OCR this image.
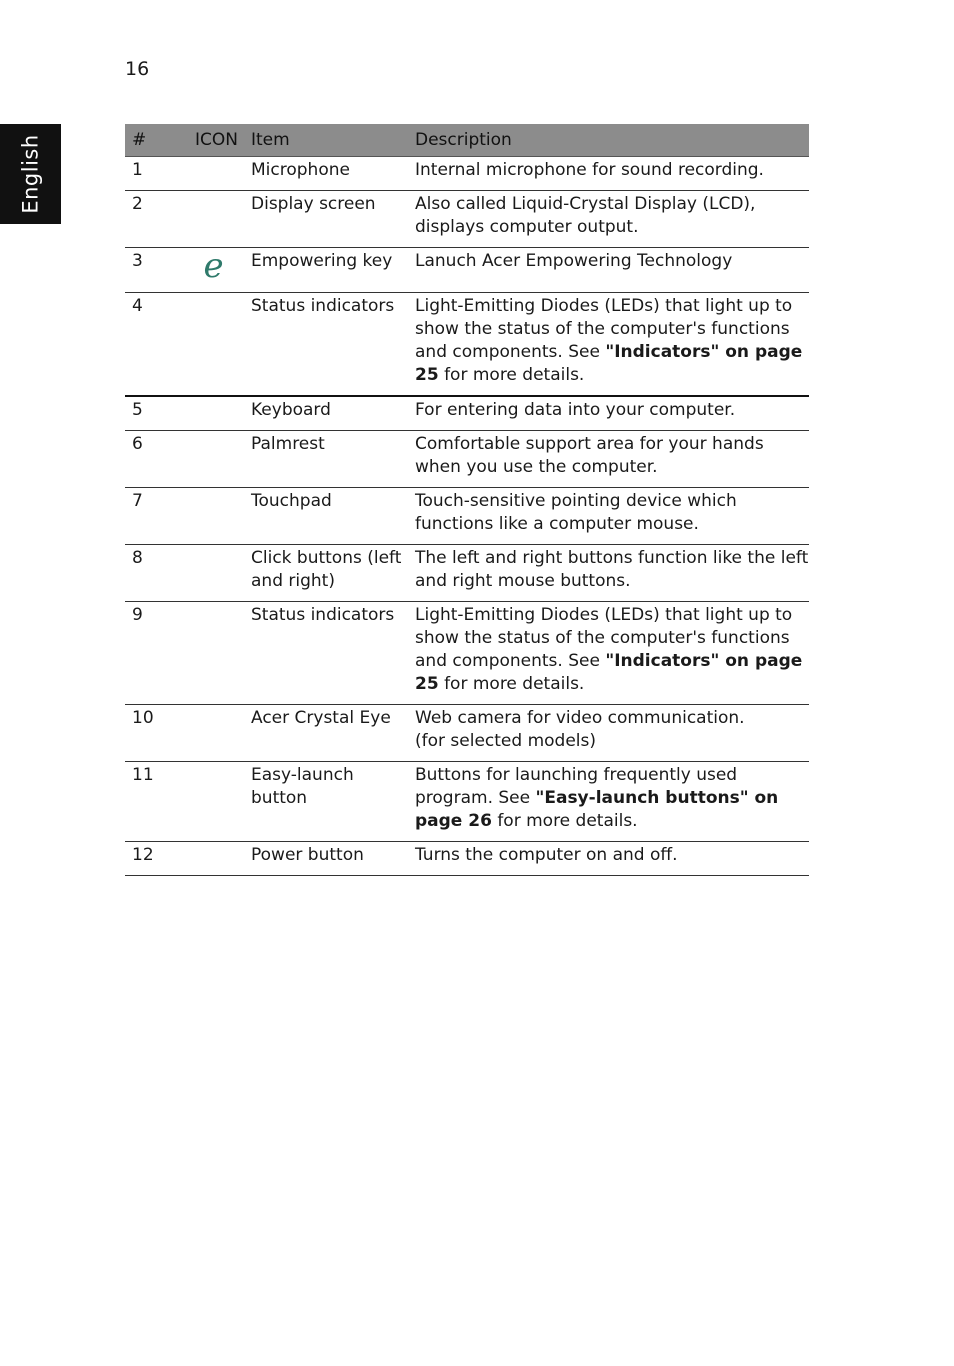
16
English	#	ICON	Item	Description
1		Microphone	Internal microphone for sound recording.
2		Display screen	Also called Liquid-Crystal Display (LCD), displays computer output.
3	e	Empowering key	Lanuch Acer Empowering Technology
4		Status indicators	Light-Emitting Diodes (LEDs) that light up to show the status of the computer's functions and components. See "Indicators" on page 25 for more details.
5		Keyboard	For entering data into your computer.
6		Palmrest	Comfortable support area for your hands when you use the computer.
7		Touchpad	Touch-sensitive pointing device which functions like a computer mouse.
8		Click buttons (left and right)	The left and right buttons function like the left and right mouse buttons.
9		Status indicators	Light-Emitting Diodes (LEDs) that light up to show the status of the computer's functions and components. See "Indicators" on page 25 for more details.
10		Acer Crystal Eye	Web camera for video communication.
(for selected models)

11		Easy-launch button	Buttons for launching frequently used program. See "Easy-launch buttons" on page 26 for more details.
12		Power button	Turns the computer on and off.
